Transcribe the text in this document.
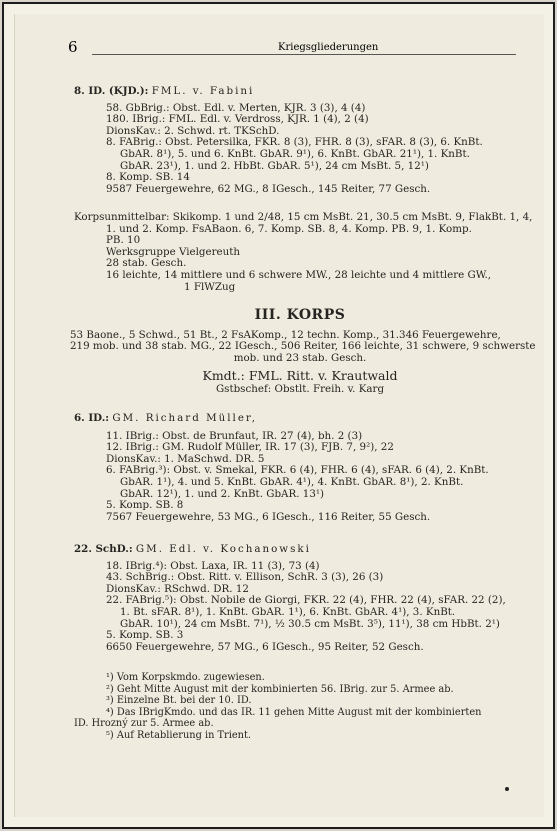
6	Kriegsgliederungen
8. ID. (KJD.): FML. v. Fabini
58. GbBrig.: Obst. Edl. v. Merten, KJR. 3 (3), 4 (4)
180. IBrig.: FML. Edl. v. Verdross, KJR. 1 (4), 2 (4)
DionsKav.: 2. Schwd. rt. TKSchD.
8. FABrig.: Obst. Petersilka, FKR. 8 (3), FHR. 8 (3), sFAR. 8 (3), 6. KnBt.
GbAR. 8¹), 5. und 6. KnBt. GbAR. 9¹), 6. KnBt. GbAR. 21¹), 1. KnBt.
GbAR. 23¹), 1. und 2. HbBt. GbAR. 5¹), 24 cm MsBt. 5, 12¹)
8. Komp. SB. 14
9587 Feuergewehre, 62 MG., 8 IGesch., 145 Reiter, 77 Gesch.
Korpsunmittelbar: Skikomp. 1 und 2/48, 15 cm MsBt. 21, 30.5 cm MsBt. 9, FlakBt. 1, 4,
1. und 2. Komp. FsABaon. 6, 7. Komp. SB. 8, 4. Komp. PB. 9, 1. Komp.
PB. 10
Werksgruppe Vielgereuth
28 stab. Gesch.
16 leichte, 14 mittlere und 6 schwere MW., 28 leichte und 4 mittlere GW.,
1 FlWZug
III. KORPS
53 Baone., 5 Schwd., 51 Bt., 2 FsAKomp., 12 techn. Komp., 31.346 Feuergewehre,
219 mob. und 38 stab. MG., 22 IGesch., 506 Reiter, 166 leichte, 31 schwere, 9 schwerste
mob. und 23 stab. Gesch.
Kmdt.: FML. Ritt. v. Krautwald
Gstbschef: Obstlt. Freih. v. Karg
6. ID.: GM. Richard Müller,
11. IBrig.: Obst. de Brunfaut, IR. 27 (4), bh. 2 (3)
12. IBrig.: GM. Rudolf Müller, IR. 17 (3), FJB. 7, 9²), 22
DionsKav.: 1. MaSchwd. DR. 5
6. FABrig.³): Obst. v. Smekal, FKR. 6 (4), FHR. 6 (4), sFAR. 6 (4), 2. KnBt.
GbAR. 1¹), 4. und 5. KnBt. GbAR. 4¹), 4. KnBt. GbAR. 8¹), 2. KnBt.
GbAR. 12¹), 1. und 2. KnBt. GbAR. 13¹)
5. Komp. SB. 8
7567 Feuergewehre, 53 MG., 6 IGesch., 116 Reiter, 55 Gesch.
22. SchD.: GM. Edl. v. Kochanowski
18. IBrig.⁴): Obst. Laxa, IR. 11 (3), 73 (4)
43. SchBrig.: Obst. Ritt. v. Ellison, SchR. 3 (3), 26 (3)
DionsKav.: RSchwd. DR. 12
22. FABrig.⁵): Obst. Nobile de Giorgi, FKR. 22 (4), FHR. 22 (4), sFAR. 22 (2),
1. Bt. sFAR. 8¹), 1. KnBt. GbAR. 1¹), 6. KnBt. GbAR. 4¹), 3. KnBt.
GbAR. 10¹), 24 cm MsBt. 7¹), ½ 30.5 cm MsBt. 3⁵), 11¹), 38 cm HbBt. 2¹)
5. Komp. SB. 3
6650 Feuergewehre, 57 MG., 6 IGesch., 95 Reiter, 52 Gesch.
¹) Vom Korpskmdo. zugewiesen.
²) Geht Mitte August mit der kombinierten 56. IBrig. zur 5. Armee ab.
³) Einzelne Bt. bei der 10. ID.
⁴) Das IBrigKmdo. und das IR. 11 gehen Mitte August mit der kombinierten
ID. Hrozný zur 5. Armee ab.
⁵) Auf Retablierung in Trient.
